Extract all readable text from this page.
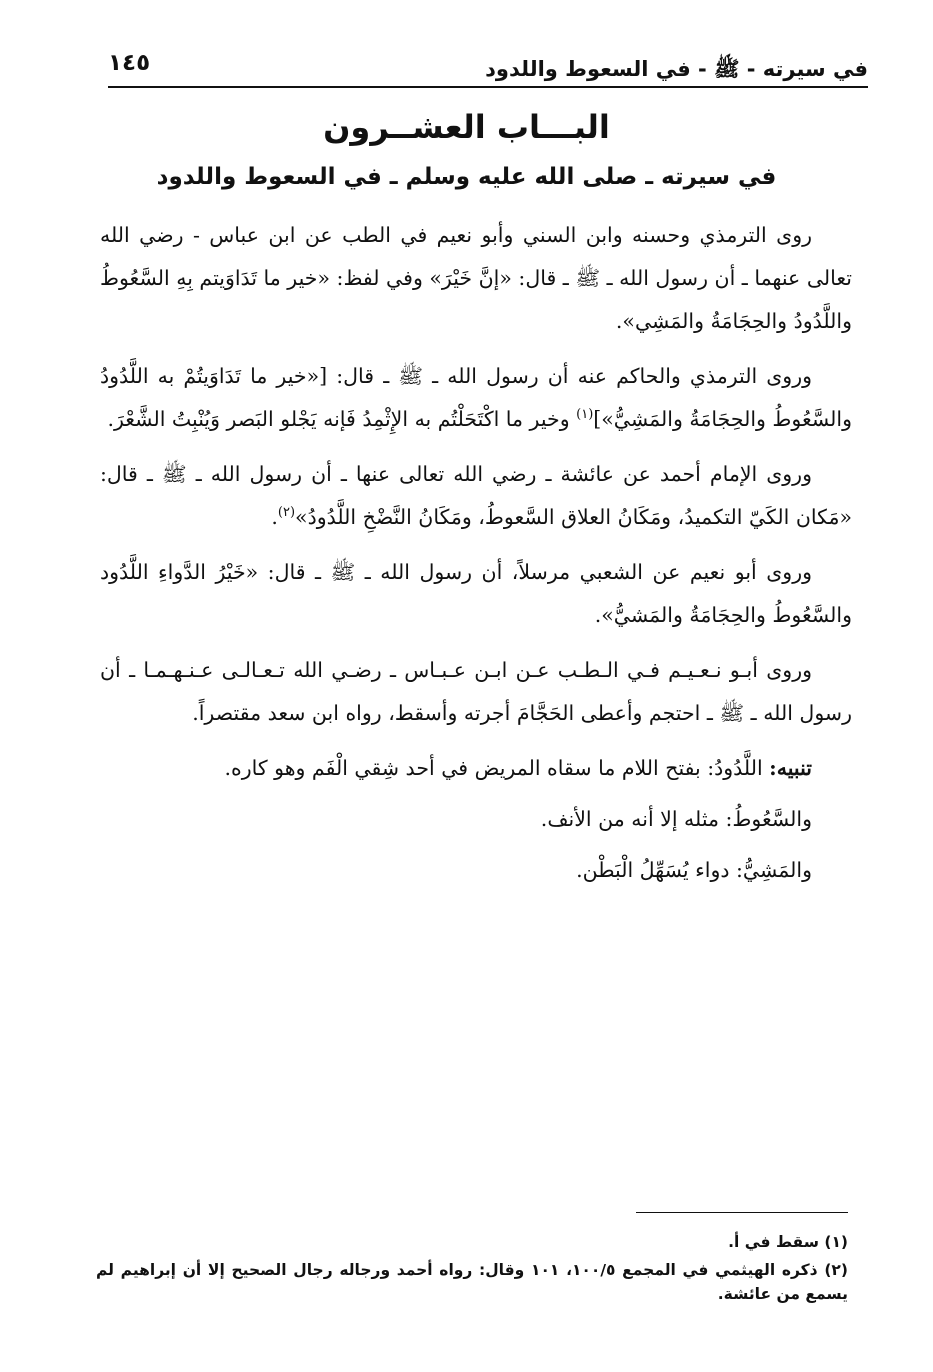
في سيرته - ﷺ - في السعوط واللدود
١٤٥
البـــاب العشــرون
في سيرته ـ صلى الله عليه وسلم ـ في السعوط واللدود

روى الترمذي وحسنه وابن السني وأبو نعيم في الطب عن ابن عباس - رضي الله تعالى عنهما ـ أن رسول الله ـ ﷺ ـ قال: «إنَّ خَيْرَ» وفي لفظ: «خير ما تَدَاوَيتم بِهِ السَّعُوطُ واللَّدُودُ والحِجَامَةُ والمَشِي».

وروى الترمذي والحاكم عنه أن رسول الله ـ ﷺ ـ قال: [«خير ما تَدَاوَيتُمْ به اللَّدُودُ والسَّعُوطُ والحِجَامَةُ والمَشِيُّ»]$^{(١)}$ وخير ما اكْتَحَلْتُم به الإِثْمِدُ فَإنه يَجْلو البَصر وَيُنْبِتُ الشَّعْرَ.

وروى الإمام أحمد عن عائشة ـ رضي الله تعالى عنها ـ أن رسول الله ـ ﷺ ـ قال: «مَكان الكَيّ التكميدُ، ومَكَانُ العلاق السَّعوطُ، ومَكَانُ النَّضْخِ اللَّدُودُ»$^{(٢)}$.

وروى أبو نعيم عن الشعبي مرسلاً، أن رسول الله ـ ﷺ ـ قال: «خَيْرُ الدَّواءِ اللَّدُود والسَّعُوطُ والحِجَامَةُ والمَشيُّ».

وروى أبـو نـعـيـم فـي الـطـب عـن ابـن عـبـاس ـ رضـي الله تـعـالـى عـنـهـمـا ـ أن رسول الله ـ ﷺ ـ احتجم وأعطى الحَجَّامَ أجرته وأسقط، رواه ابن سعد مقتصراً.

تنبيه: اللَّدُودُ: بفتح اللام ما سقاه المريض في أحد شِقي الْفَم وهو كاره.

والسَّعُوطُ: مثله إلا أنه من الأنف.

والمَشِيُّ: دواء يُسَهِّلُ الْبَطْن.

(١) سقط في أ.

(٢) ذكره الهيثمي في المجمع ١٠٠/٥، ١٠١ وقال: رواه أحمد ورجاله رجال الصحيح إلا أن إبراهيم لم يسمع من عائشة.
